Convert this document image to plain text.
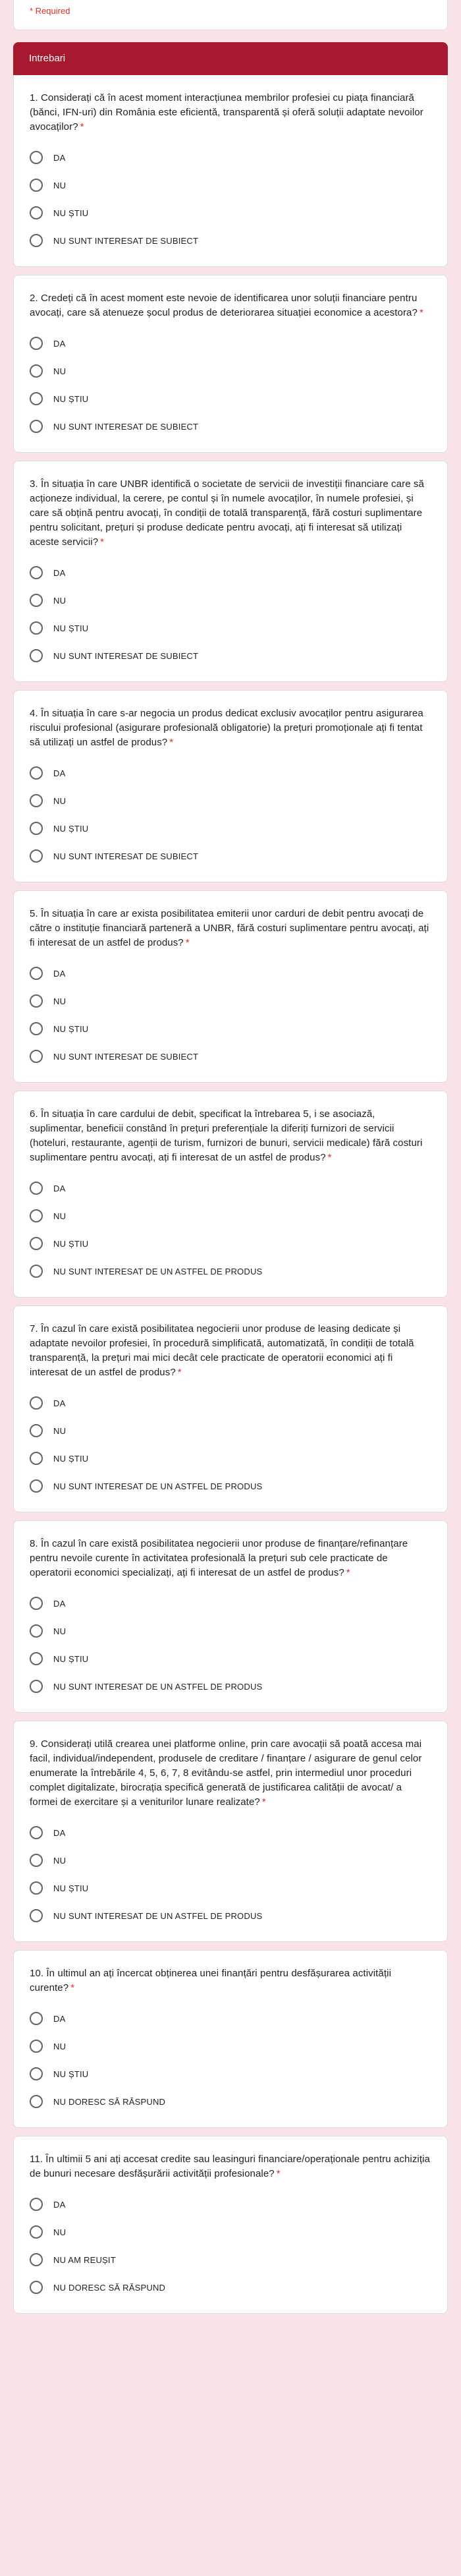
* Required
Intrebari

1. Considerați că în acest moment interacțiunea membrilor profesiei cu piața financiară (bănci, IFN-uri) din România este eficientă, transparentă și oferă soluții adaptate nevoilor avocaților? *

DA
NU
NU ȘTIU
NU SUNT INTERESAT DE SUBIECT

2. Credeți că în acest moment este nevoie de identificarea unor soluții financiare pentru avocați, care să atenueze șocul produs de deteriorarea situației economice a acestora? *

DA
NU
NU ȘTIU
NU SUNT INTERESAT DE SUBIECT

3. În situația în care UNBR identifică o societate de servicii de investiții financiare care să acționeze individual, la cerere, pe contul și în numele avocaților, în numele profesiei, și care să obțină pentru avocați, în condiții de totală transparență, fără costuri suplimentare pentru solicitant, prețuri și produse dedicate pentru avocați, ați fi interesat să utilizați aceste servicii? *

DA
NU
NU ȘTIU
NU SUNT INTERESAT DE SUBIECT

4. În situația în care s-ar negocia un produs dedicat exclusiv avocaților pentru asigurarea riscului profesional (asigurare profesională obligatorie) la prețuri promoționale ați fi tentat să utilizați un astfel de produs? *

DA
NU
NU ȘTIU
NU SUNT INTERESAT DE SUBIECT

5. În situația în care ar exista posibilitatea emiterii unor carduri de debit pentru avocați de către o instituție financiară parteneră a UNBR, fără costuri suplimentare pentru avocați, ați fi interesat de un astfel de produs? *

DA
NU
NU ȘTIU
NU SUNT INTERESAT DE SUBIECT

6. În situația în care cardului de debit, specificat la întrebarea 5, i se asociază, suplimentar, beneficii constând în prețuri preferențiale la diferiți furnizori de servicii (hoteluri, restaurante, agenții de turism, furnizori de bunuri, servicii medicale) fără costuri suplimentare pentru avocați, ați fi interesat de un astfel de produs? *

DA
NU
NU ȘTIU
NU SUNT INTERESAT DE UN ASTFEL DE PRODUS

7. În cazul în care există posibilitatea negocierii unor produse de leasing dedicate și adaptate nevoilor profesiei, în procedură simplificată, automatizată, în condiții de totală transparență, la prețuri mai mici decât cele practicate de operatorii economici ați fi interesat de un astfel de produs? *

DA
NU
NU ȘTIU
NU SUNT INTERESAT DE UN ASTFEL DE PRODUS

8. În cazul în care există posibilitatea negocierii unor produse de finanțare/refinanțare pentru nevoile curente în activitatea profesională la prețuri sub cele practicate de operatorii economici specializați, ați fi interesat de un astfel de produs? *

DA
NU
NU ȘTIU
NU SUNT INTERESAT DE UN ASTFEL DE PRODUS

9. Considerați utilă crearea unei platforme online, prin care avocații să poată accesa mai facil, individual/independent, produsele de creditare / finanțare / asigurare de genul celor enumerate la întrebările 4, 5, 6, 7, 8 evitându-se astfel, prin intermediul unor proceduri complet digitalizate, birocrația specifică generată de justificarea calității de avocat/ a formei de exercitare și a veniturilor lunare realizate? *

DA
NU
NU ȘTIU
NU SUNT INTERESAT DE UN ASTFEL DE PRODUS

10. În ultimul an ați încercat obținerea unei finanțări pentru desfășurarea activității curente? *

DA
NU
NU ȘTIU
NU DORESC SĂ RĂSPUND

11. În ultimii 5 ani ați accesat credite sau leasinguri financiare/operaționale pentru achiziția de bunuri necesare desfășurării activității profesionale? *

DA
NU
NU AM REUȘIT
NU DORESC SĂ RĂSPUND
